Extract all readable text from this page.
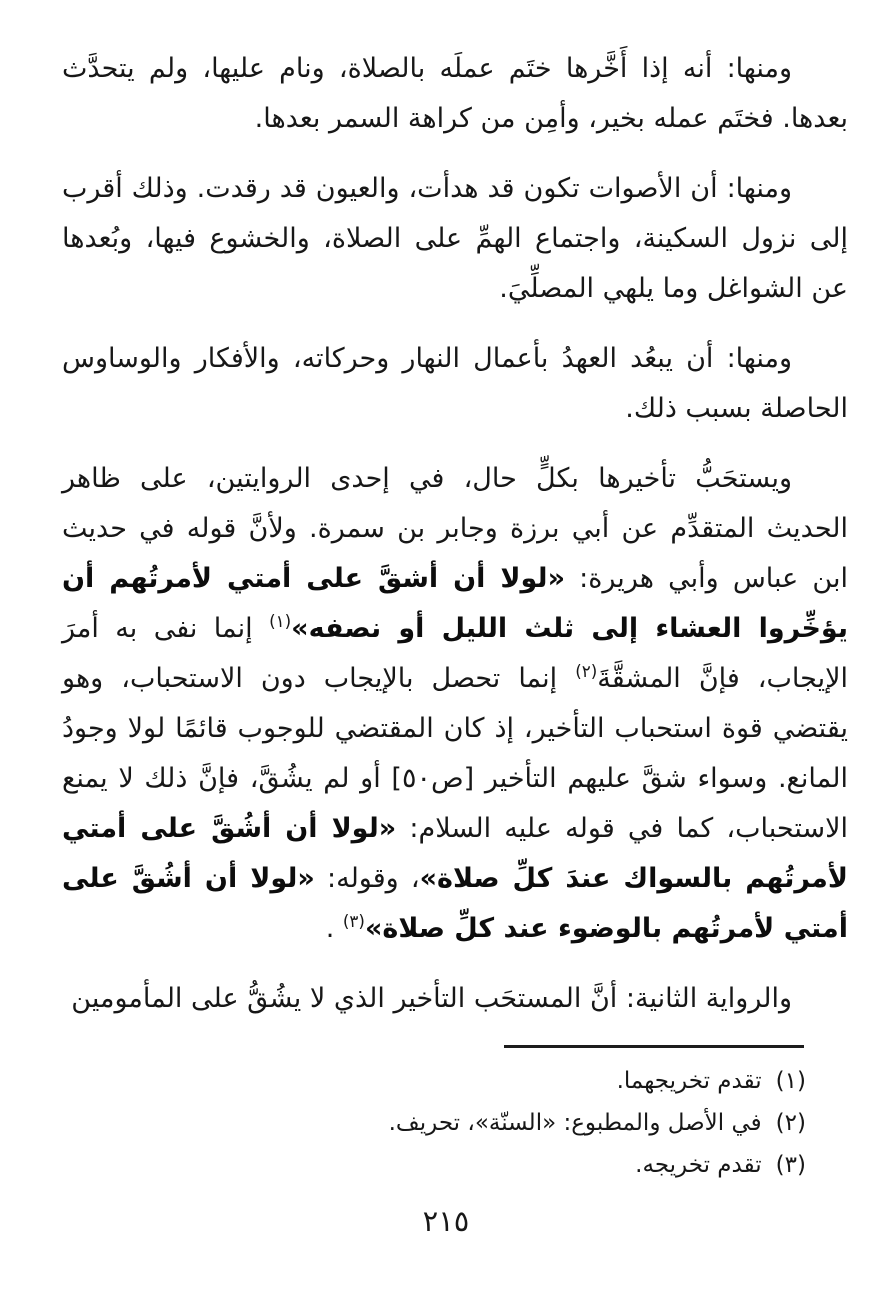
ومنها: أنه إذا أَخَّرها ختَم عملَه بالصلاة، ونام عليها، ولم يتحدَّث بعدها. فختَم عمله بخير، وأمِن من كراهة السمر بعدها.

ومنها: أن الأصوات تكون قد هدأت، والعيون قد رقدت. وذلك أقرب إلى نزول السكينة، واجتماع الهمِّ على الصلاة، والخشوع فيها، وبُعدها عن الشواغل وما يلهي المصلِّيَ.

ومنها: أن يبعُد العهدُ بأعمال النهار وحركاته، والأفكار والوساوس الحاصلة بسبب ذلك.

ويستحَبُّ تأخيرها بكلٍّ حال، في إحدى الروايتين، على ظاهر الحديث المتقدِّم عن أبي برزة وجابر بن سمرة. ولأنَّ قوله في حديث ابن عباس وأبي هريرة: «لولا أن أشقَّ على أمتي لأمرتُهم أن يؤخِّروا العشاء إلى ثلث الليل أو نصفه»$^{(١)}$ إنما نفى به أمرَ الإيجاب، فإنَّ المشقَّةَ$^{(٢)}$ إنما تحصل بالإيجاب دون الاستحباب، وهو يقتضي قوة استحباب التأخير، إذ كان المقتضي للوجوب قائمًا لولا وجودُ المانع. وسواء شقَّ عليهم التأخير [ص٥٠] أو لم يشُقَّ، فإنَّ ذلك لا يمنع الاستحباب، كما في قوله عليه السلام: «لولا أن أشُقَّ على أمتي لأمرتُهم بالسواك عندَ كلِّ صلاة»، وقوله: «لولا أن أشُقَّ على أمتي لأمرتُهم بالوضوء عند كلِّ صلاة»$^{(٣)}$ .

والرواية الثانية: أنَّ المستحَب التأخير الذي لا يشُقُّ على المأمومين

(١)تقدم تخريجهما.
(٢)في الأصل والمطبوع: «السنّة»، تحريف.
(٣)تقدم تخريجه.
٢١٥
